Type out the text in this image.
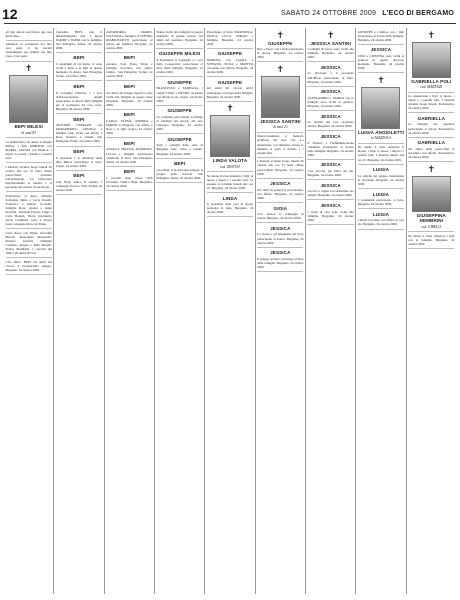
12	SABATO 24 OTTOBRE 2009 L'ECO DI BERGAMO
«Il mio amore non finisce qui, non finirà mai».
Annuncio la scomparsa del mio caro papà, ci ha lasciati serenamente: per sempre nel mio cuore. Ciao papà.
✝
BEPI MILESI
di anni 83
Lo annunciano con dolore la moglie ROSA, i figli ROBERTO con MARIA, GIANNI con PAOLA, i nipoti, la sorella, i fratelli e i parenti tutti.
I funerali avranno luogo lunedì 26 ottobre alle ore 10 nella chiesa parrocchiale partendo dall'abitazione. Un particolare ringraziamento ai medici e al personale del reparto di oncologia.
Partecipano al lutto: famiglia Sonzogni, Mario e Lucia Pesenti, Francesco e Marisa Locatelli, famiglia Rota, Gianni e Anna Previtali, Adelaide Ferrari, Luigi e Carla Bonetti, Pietro Invernizzi, Silvia Carminati, Gino e Teresa Gotti, Giuseppe Rota con Elena.
Carlo Rossi con Maria, Giovanni Bertoli, Alessandra Mazzoleni, Roberto Arnoldi, Famiglia Cattaneo, Angelo e Rina Moretti, Franca Brembilla, i coscritti del 1926 e gli amici del bar.
Ciao amico. BEPI. Gli amici del circolo ti ricorderanno sempre. Bergamo, 24 ottobre 2009.
Carissimo BEPI, non ti dimenticheremo mai. I nipoti PARIDE e FABIO con le famiglie. San Pellegrino Terme, 24 ottobre 2009.
BEPI
I condomini di via Roma 12 sono vicini a Rosa e ai figli in questo momento di dolore. San Pellegrino Terme, 24 ottobre 2009.
BEPI
Il Consiglio Direttivo e i soci dell'Associazione Alpini partecipano al dolore della famiglia per la scomparsa del caro socio. Bergamo, 24 ottobre 2009.
BEPI
ANTONIO CERRIANI con MARGHERITA, ANGELO e famiglia sono vicini con affetto a Rosa, Roberto e Gianni. San Pellegrino Terme, 24 ottobre 2009.
BEPI
Il personale e la direzione della ditta Milesi partecipano al lutto. Zogno, 24 ottobre 2009.
BEPI
Ciao Bepi, amico di sempre. I compagni di pesca. Villa d'Almè, 24 ottobre 2009.
ZANANDREA MARIO, GIULIANA e famiglie, il CENTRO RIABILITATIVO partecipano al dolore dei familiari. Bergamo, 24 ottobre 2009.
BEPI
Antonio, Ivan, Paola, Silvio e famiglie ricordano con affetto l'amico. San Pellegrino Terme, 24 ottobre 2009.
BEPI
Gli amici del Gruppo Sportivo sono vicini alla famiglia in questo triste momento. Bergamo, 24 ottobre 2009.
BEPI
CARLO, ELENA, ANDREA e MARTA si stringono con affetto a Rosa e ai figli. Zogno, 24 ottobre 2009.
BEPI
ANGELA, MILENA, MAURIZIO, LUCIA e famiglie partecipano commossi al lutto. San Pellegrino Terme, 24 ottobre 2009.
BEPI
I coscritti della classe 1926 ricordano l'amico Bepi. Bergamo, 24 ottobre 2009.
Siamo vicini alla famiglia in questo momento di grande dolore. Gli amici del quartiere. Bergamo, 24 ottobre 2009.
GIUSEPPE MILESI
Il Presidente, il Consiglio e i soci della Cooperativa partecipano al lutto della famiglia. Bergamo, 24 ottobre 2009.
GIUSEPPE
FRANCESCO e FAMIGLIA, i cugini LUIGI e PIETRO ricordano con affetto lo zio. Zogno, 24 ottobre 2009.
GIUSEPPE
La comunità parrocchiale si stringe ai familiari nel ricordo del caro Giuseppe. Bergamo, 24 ottobre 2009.
GIUSEPPE
Tutti i colleghi della sede di Bergamo sono vicini a Gianni. Bergamo, 24 ottobre 2009.
BEPI
Ciao Bepi, ti ricorderemo sempre. Il gruppo della briscola. San Pellegrino Terme, 24 ottobre 2009.
Partecipano al lutto: EMANUELA, PAOLA, LUCA, SERGIO e famiglie. Bergamo, 24 ottobre 2009.
GIUSEPPE
PATRIZIA con LAURA e STEFANO, ELISA e MATTEO ricordano con affetto. Bergamo, 24 ottobre 2009.
GIUSEPPE
Gli amici del circolo ACLI partecipano al dolore della famiglia. Bergamo, 24 ottobre 2009.
✝
LINDA VALOTA
ved. ZENONI
Ne danno il triste annuncio i figli, le nuore, i nipoti e i parenti tutti. Le esequie si terranno lunedì alle ore 10. Bergamo, 24 ottobre 2009.
LINDA
Il personale della casa di riposo partecipa al lutto. Bergamo, 24 ottobre 2009.
✝
GIUSEPPE
Rita e Paolo con i figli partecipano al dolore. Bergamo, 24 ottobre 2009.
✝
JESSICA SANTINI
di anni 23
Improvvisamente è mancata all'affetto dei suoi cari. Lo annunciano con immenso dolore la mamma, il papà, il fratello e i parenti tutti.
I funerali avranno luogo lunedì 26 ottobre alle ore 15 nella chiesa parrocchiale. Bergamo, 24 ottobre 2009.
JESSICA
Gli amici di sempre ti ricorderanno con affetto. Bergamo, 24 ottobre 2009.
GIOIA
Ciao Jessica, le compagne di scuola. Bergamo, 24 ottobre 2009.
JESSICA
La classe e gli insegnanti del liceo partecipano al dolore. Bergamo, 24 ottobre 2009.
JESSICA
Il gruppo sportivo partecipa al lutto della famiglia. Bergamo, 24 ottobre 2009.
✝
JESSICA SANTINI
I colleghi di lavoro sono vicini alla famiglia. Bergamo, 24 ottobre 2009.
JESSICA
La direzione e il personale dell'ufficio partecipano al lutto. Bergamo, 24 ottobre 2009.
JESSICA
ALESSANDRO e MARTA con le famiglie sono vicini ai genitori. Bergamo, 24 ottobre 2009.
JESSICA
Le amiche del coro ricordano Jessica. Bergamo, 24 ottobre 2009.
JESSICA
Il Sindaco e l'Amministrazione comunale partecipano al dolore della famiglia. Bergamo, 24 ottobre 2009.
JESSICA
Ciao piccola, gli amici del bar. Bergamo, 24 ottobre 2009.
JESSICA
Gli zii e i cugini ti ricorderanno per sempre. Bergamo, 24 ottobre 2009.
JESSICA
I vicini di casa sono vicini alla famiglia. Bergamo, 24 ottobre 2009.
GIUSEPPE e CARLA con i figli partecipano al dolore della famiglia. Bergamo, 24 ottobre 2009.
JESSICA
EZIO e CRISTINA sono vicini ai genitori in questo doloroso momento. Bergamo, 24 ottobre 2009.
✝
LUIGIA ANGIOLETTI
in MAZZOLA
Ne danno il triste annuncio il marito, i figli, le nuore, i nipoti e i parenti tutti. I funerali lunedì alle ore 10. Bergamo, 24 ottobre 2009.
LUIGIA
Le amiche del gruppo missionario la ricordano. Bergamo, 24 ottobre 2009.
LUIGIA
I condomini partecipano al lutto. Bergamo, 24 ottobre 2009.
LUIGIA
I nipoti ricordano con affetto la cara zia. Bergamo, 24 ottobre 2009.
✝
GABRIELLA POLI
ved. MARENZI
Lo annunciano i figli, le nuore, i nipoti e i parenti tutti. I funerali avranno luogo lunedì. Ponteranica, 24 ottobre 2009.
GABRIELLA
Le famiglie del quartiere partecipano al dolore. Ponteranica, 24 ottobre 2009.
GABRIELLA
Gli amici della parrocchia la ricordano con affetto. Ponteranica, 24 ottobre 2009.
✝
GIUSEPPINA NEMBRINI
ved. GIRELLI
Ne danno il triste annuncio i figli con le famiglie. Bergamo, 24 ottobre 2009.
